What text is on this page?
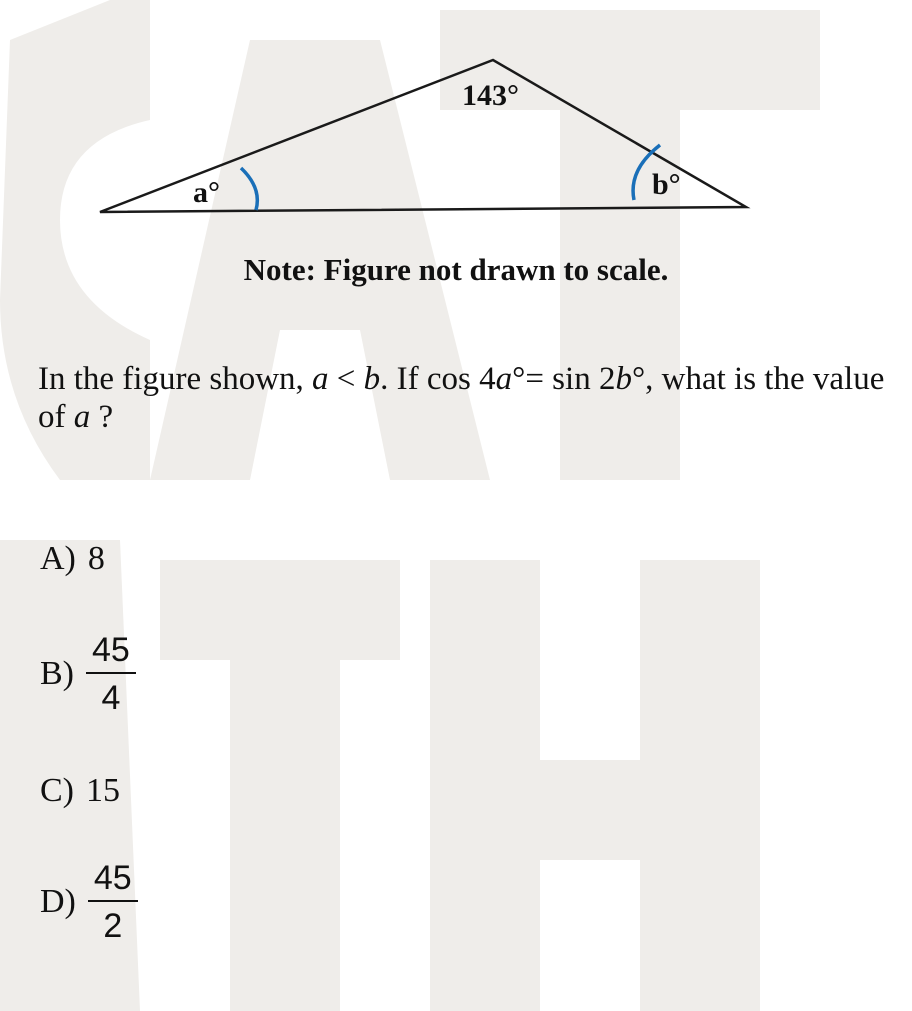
143°
a°	b°
Note: Figure not drawn to scale.
In the figure shown, a < b. If cos 4a°= sin 2b°, what is the value of a ?
A) 8
$B) \frac{45}{4}$
C) 15
$D) \frac{45}{2}$
